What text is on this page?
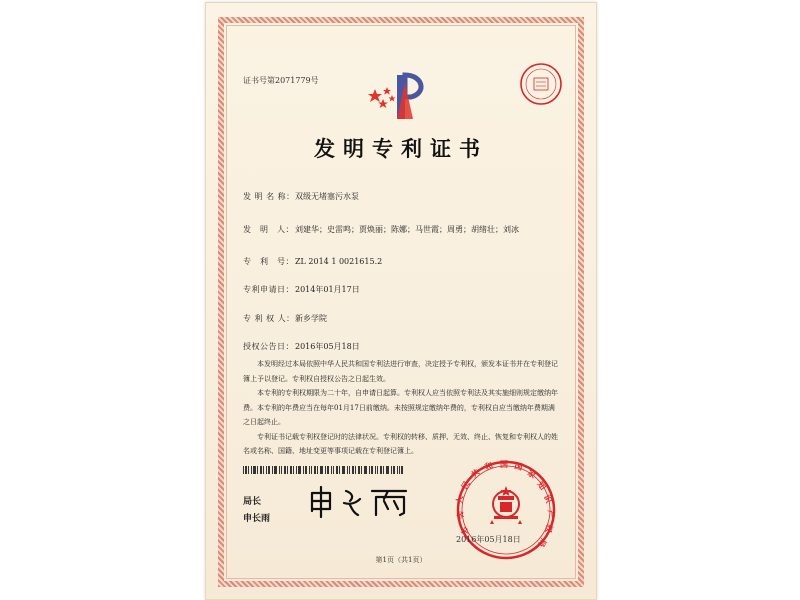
证书号第2071779号
发明专利证书
发 明 名 称：双级无堵塞污水泵
发　明　人：刘建华；史雷鸣；贾焕丽；陈娜；马世霞；周勇；胡绪壮；刘冰
专　利　号：ZL 2014 1 0021615.2
专利申请日：2014年01月17日
专 利 权 人：新乡学院
授权公告日：2016年05月18日

本发明经过本局依照中华人民共和国专利法进行审查，决定授予专利权，颁发本证书并在专利登记簿上予以登记。专利权自授权公告之日起生效。

本专利的专利权期限为二十年，自申请日起算。专利权人应当依照专利法及其实施细则规定缴纳年费。本专利的年费应当在每年01月17日前缴纳。未按照规定缴纳年费的，专利权自应当缴纳年费期满之日起终止。

专利证书记载专利权登记时的法律状况。专利权的转移、质押、无效、终止、恢复和专利权人的姓名或名称、国籍、地址变更等事项记载在专利登记簿上。

局长
申长雨
中
华
人
民
共
和 国 国
家
知
识
产
权
局
2016年05月18日
第1页（共1页）
